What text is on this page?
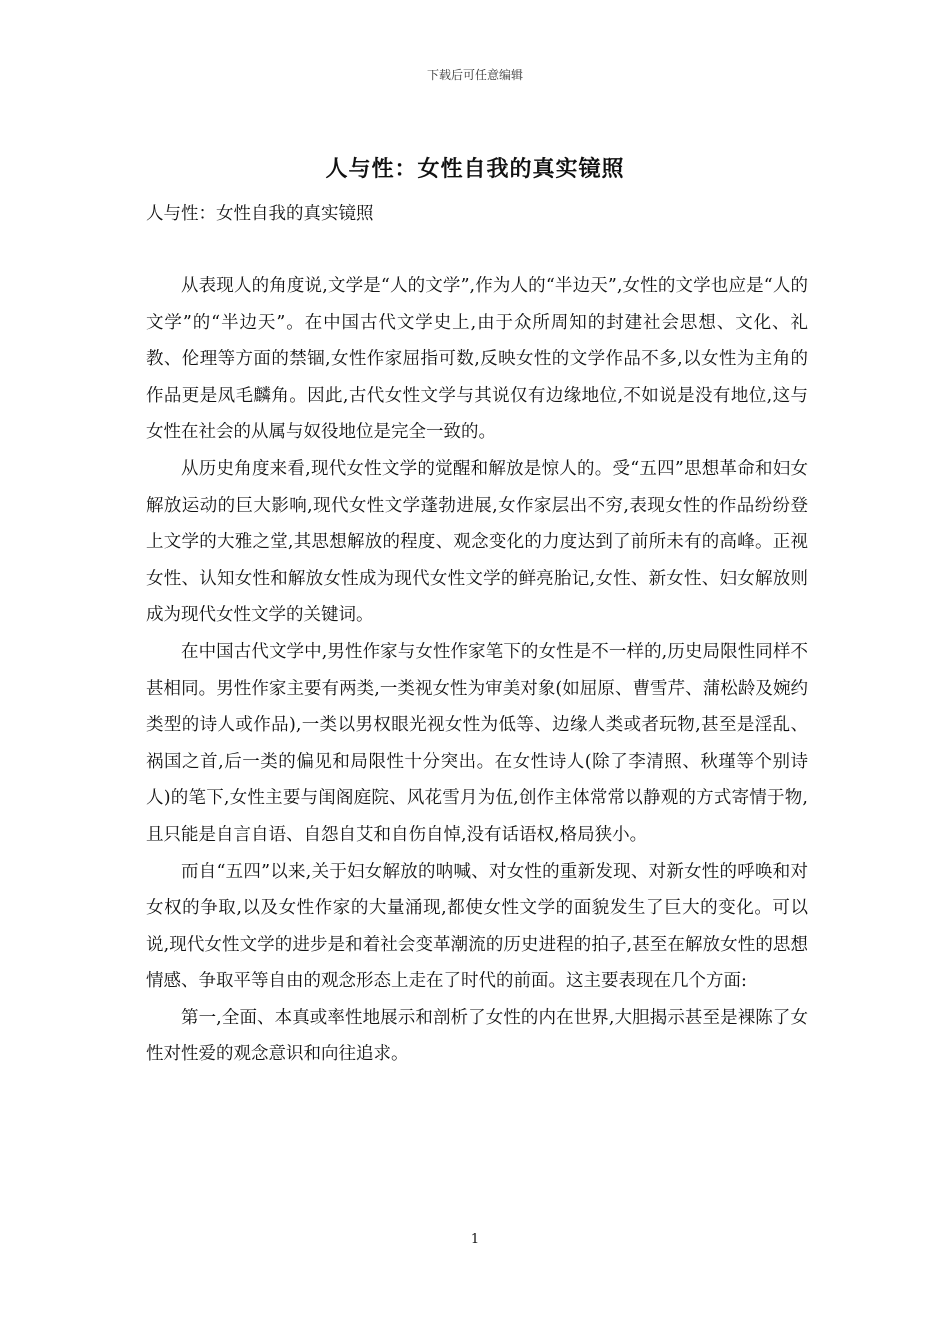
下载后可任意编辑
人与性：女性自我的真实镜照
人与性：女性自我的真实镜照

从表现人的角度说,文学是“人的文学”,作为人的“半边天”,女性的文学也应是“人的文学”的“半边天”。在中国古代文学史上,由于众所周知的封建社会思想、文化、礼教、伦理等方面的禁锢,女性作家屈指可数,反映女性的文学作品不多,以女性为主角的作品更是凤毛麟角。因此,古代女性文学与其说仅有边缘地位,不如说是没有地位,这与女性在社会的从属与奴役地位是完全一致的。

从历史角度来看,现代女性文学的觉醒和解放是惊人的。受“五四”思想革命和妇女解放运动的巨大影响,现代女性文学蓬勃进展,女作家层出不穷,表现女性的作品纷纷登上文学的大雅之堂,其思想解放的程度、观念变化的力度达到了前所未有的高峰。正视女性、认知女性和解放女性成为现代女性文学的鲜亮胎记,女性、新女性、妇女解放则成为现代女性文学的关键词。

在中国古代文学中,男性作家与女性作家笔下的女性是不一样的,历史局限性同样不甚相同。男性作家主要有两类,一类视女性为审美对象(如屈原、曹雪芹、蒲松龄及婉约类型的诗人或作品),一类以男权眼光视女性为低等、边缘人类或者玩物,甚至是淫乱、祸国之首,后一类的偏见和局限性十分突出。在女性诗人(除了李清照、秋瑾等个别诗人)的笔下,女性主要与闺阁庭院、风花雪月为伍,创作主体常常以静观的方式寄情于物,且只能是自言自语、自怨自艾和自伤自悼,没有话语权,格局狭小。

而自“五四”以来,关于妇女解放的呐喊、对女性的重新发现、对新女性的呼唤和对女权的争取,以及女性作家的大量涌现,都使女性文学的面貌发生了巨大的变化。可以说,现代女性文学的进步是和着社会变革潮流的历史进程的拍子,甚至在解放女性的思想情感、争取平等自由的观念形态上走在了时代的前面。这主要表现在几个方面:

第一,全面、本真或率性地展示和剖析了女性的内在世界,大胆揭示甚至是裸陈了女性对性爱的观念意识和向往追求。

1
